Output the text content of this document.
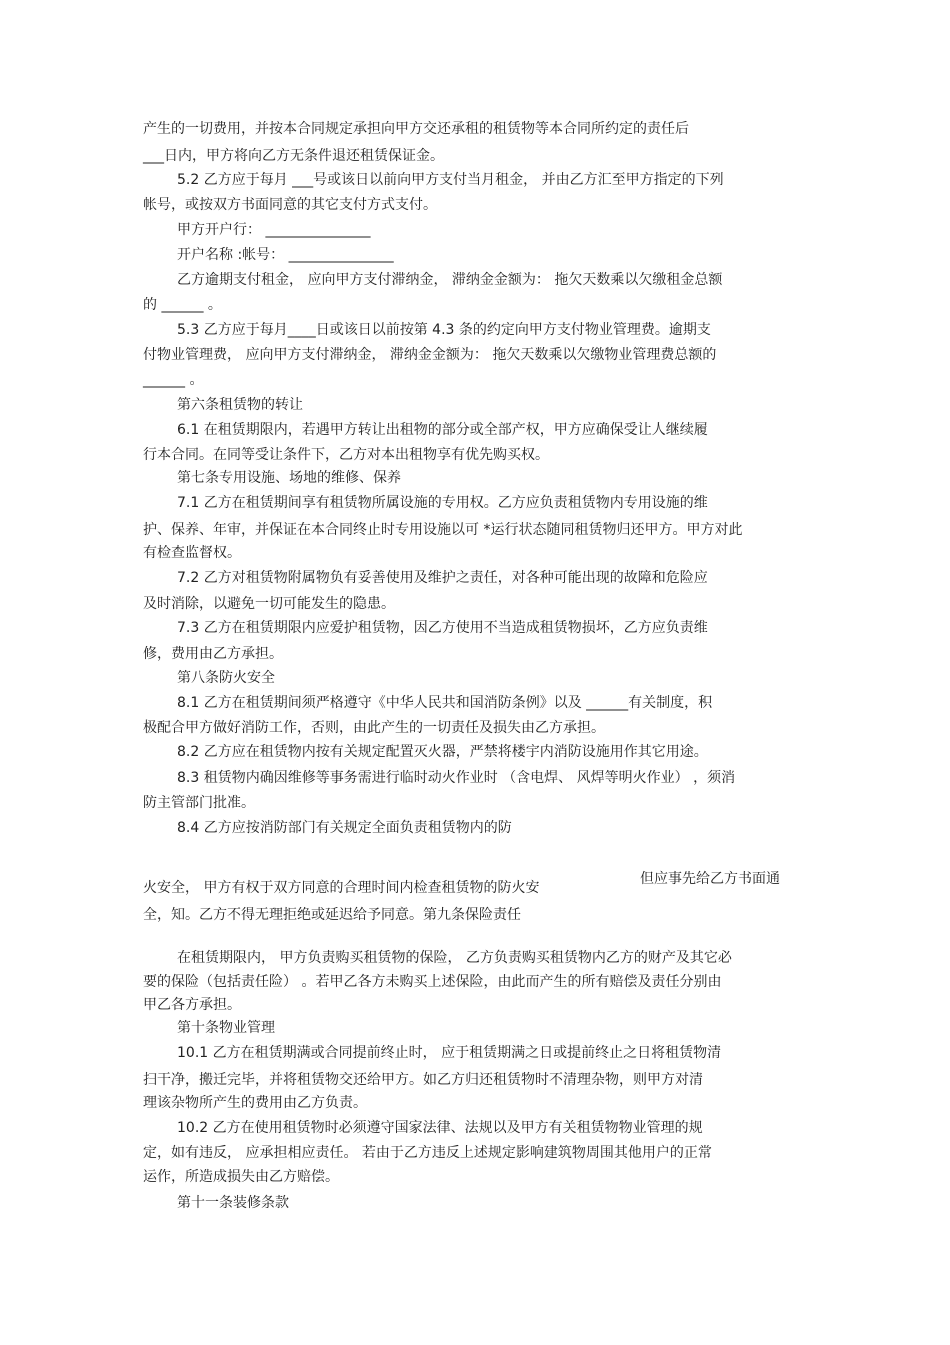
产生的一切费用，并按本合同规定承担向甲方交还承租的租赁物等本合同所约定的责任后
___日内，甲方将向乙方无条件退还租赁保证金。
5.2 乙方应于每月 ___号或该日以前向甲方支付当月租金， 并由乙方汇至甲方指定的下列
帐号，或按双方书面同意的其它支付方式支付。
甲方开户行： _______________
开户名称 :帐号： _______________
乙方逾期支付租金， 应向甲方支付滞纳金， 滞纳金金额为： 拖欠天数乘以欠缴租金总额
的 ______ 。
5.3 乙方应于每月____日或该日以前按第 4.3 条的约定向甲方支付物业管理费。逾期支
付物业管理费， 应向甲方支付滞纳金， 滞纳金金额为： 拖欠天数乘以欠缴物业管理费总额的
______ 。
第六条租赁物的转让
6.1 在租赁期限内，若遇甲方转让出租物的部分或全部产权，甲方应确保受让人继续履
行本合同。在同等受让条件下，乙方对本出租物享有优先购买权。
第七条专用设施、场地的维修、保养
7.1 乙方在租赁期间享有租赁物所属设施的专用权。乙方应负责租赁物内专用设施的维
护、保养、年审，并保证在本合同终止时专用设施以可 *运行状态随同租赁物归还甲方。甲方对此
有检查监督权。
7.2 乙方对租赁物附属物负有妥善使用及维护之责任，对各种可能出现的故障和危险应
及时消除，以避免一切可能发生的隐患。
7.3 乙方在租赁期限内应爱护租赁物，因乙方使用不当造成租赁物损坏，乙方应负责维
修，费用由乙方承担。
第八条防火安全
8.1 乙方在租赁期间须严格遵守《中华人民共和国消防条例》以及 ______有关制度，积
极配合甲方做好消防工作，否则，由此产生的一切责任及损失由乙方承担。
8.2 乙方应在租赁物内按有关规定配置灭火器，严禁将楼宇内消防设施用作其它用途。
8.3 租赁物内确因维修等事务需进行临时动火作业时 （含电焊、 风焊等明火作业） ，须消
防主管部门批准。
8.4 乙方应按消防部门有关规定全面负责租赁物内的防
但应事先给乙方书面通
火安全， 甲方有权于双方同意的合理时间内检查租赁物的防火安
全，知。乙方不得无理拒绝或延迟给予同意。第九条保险责任
在租赁期限内， 甲方负责购买租赁物的保险， 乙方负责购买租赁物内乙方的财产及其它必
要的保险（包括责任险） 。若甲乙各方未购买上述保险，由此而产生的所有赔偿及责任分别由
甲乙各方承担。
第十条物业管理
10.1 乙方在租赁期满或合同提前终止时， 应于租赁期满之日或提前终止之日将租赁物清
扫干净，搬迁完毕，并将租赁物交还给甲方。如乙方归还租赁物时不清理杂物，则甲方对清
理该杂物所产生的费用由乙方负责。
10.2 乙方在使用租赁物时必须遵守国家法律、法规以及甲方有关租赁物物业管理的规
定，如有违反， 应承担相应责任。 若由于乙方违反上述规定影响建筑物周围其他用户的正常
运作，所造成损失由乙方赔偿。
第十一条装修条款
